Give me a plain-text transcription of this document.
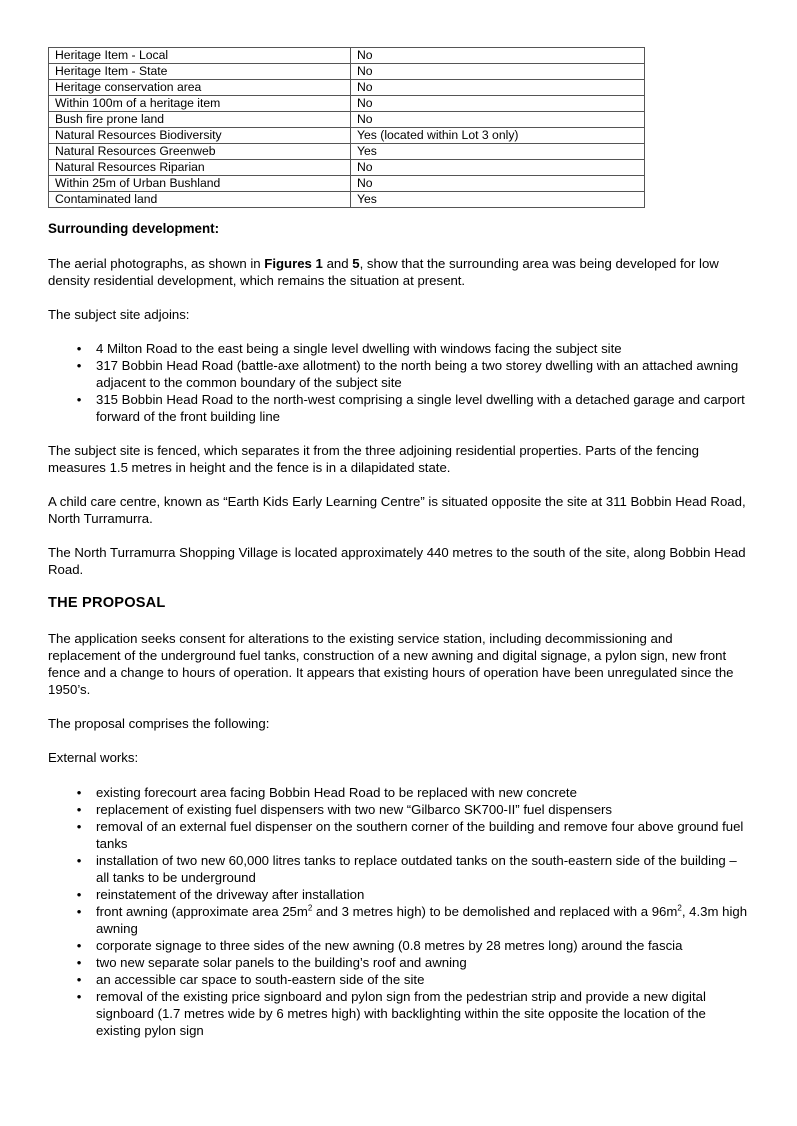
Heritage Item - Local	No
Heritage Item - State	No
Heritage conservation area	No
Within 100m of a heritage item	No
Bush fire prone land	No
Natural Resources Biodiversity	Yes (located within Lot 3 only)
Natural Resources Greenweb	Yes
Natural Resources Riparian	No
Within 25m of Urban Bushland	No
Contaminated land	Yes
Surrounding development:

The aerial photographs, as shown in Figures 1 and 5, show that the surrounding area was being developed for low density residential development, which remains the situation at present.

The subject site adjoins:

• 4 Milton Road to the east being a single level dwelling with windows facing the subject site
• 317 Bobbin Head Road (battle-axe allotment) to the north being a two storey dwelling with an attached awning adjacent to the common boundary of the subject site
• 315 Bobbin Head Road to the north-west comprising a single level dwelling with a detached garage and carport forward of the front building line

The subject site is fenced, which separates it from the three adjoining residential properties. Parts of the fencing measures 1.5 metres in height and the fence is in a dilapidated state.

A child care centre, known as “Earth Kids Early Learning Centre” is situated opposite the site at 311 Bobbin Head Road, North Turramurra.

The North Turramurra Shopping Village is located approximately 440 metres to the south of the site, along Bobbin Head Road.

THE PROPOSAL

The application seeks consent for alterations to the existing service station, including decommissioning and replacement of the underground fuel tanks, construction of a new awning and digital signage, a pylon sign, new front fence and a change to hours of operation. It appears that existing hours of operation have been unregulated since the 1950’s.

The proposal comprises the following:

External works:

• existing forecourt area facing Bobbin Head Road to be replaced with new concrete
• replacement of existing fuel dispensers with two new “Gilbarco SK700-II” fuel dispensers
• removal of an external fuel dispenser on the southern corner of the building and remove four above ground fuel tanks
• installation of two new 60,000 litres tanks to replace outdated tanks on the south-eastern side of the building – all tanks to be underground
• reinstatement of the driveway after installation
• front awning (approximate area $25m^2$ and 3 metres high) to be demolished and replaced with a $96m^2$, 4.3m high awning
• corporate signage to three sides of the new awning (0.8 metres by 28 metres long) around the fascia
• two new separate solar panels to the building’s roof and awning
• an accessible car space to south-eastern side of the site
• removal of the existing price signboard and pylon sign from the pedestrian strip and provide a new digital signboard (1.7 metres wide by 6 metres high) with backlighting within the site opposite the location of the existing pylon sign
